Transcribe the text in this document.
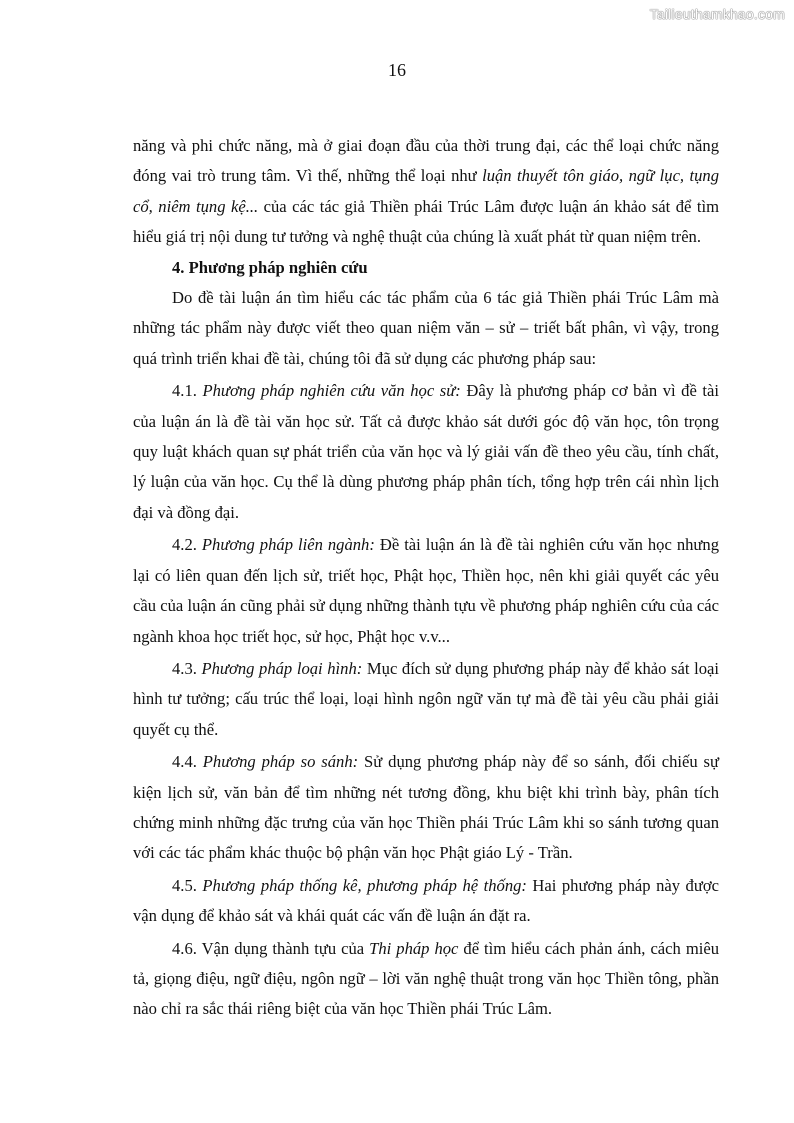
Tailieuthamkhao.com
16

năng và phi chức năng, mà ở giai đoạn đầu của thời trung đại, các thể loại chức năng đóng vai trò trung tâm. Vì thế, những thể loại như luận thuyết tôn giáo, ngữ lục, tụng cổ, niêm tụng kệ... của các tác giả Thiền phái Trúc Lâm được luận án khảo sát để tìm hiểu giá trị nội dung tư tưởng và nghệ thuật của chúng là xuất phát từ quan niệm trên.

4. Phương pháp nghiên cứu

Do đề tài luận án tìm hiểu các tác phẩm của 6 tác giả Thiền phái Trúc Lâm mà những tác phẩm này được viết theo quan niệm văn – sử – triết bất phân, vì vậy, trong quá trình triển khai đề tài, chúng tôi đã sử dụng các phương pháp sau:

4.1. Phương pháp nghiên cứu văn học sử: Đây là phương pháp cơ bản vì đề tài của luận án là đề tài văn học sử. Tất cả được khảo sát dưới góc độ văn học, tôn trọng quy luật khách quan sự phát triển của văn học và lý giải vấn đề theo yêu cầu, tính chất, lý luận của văn học. Cụ thể là dùng phương pháp phân tích, tổng hợp trên cái nhìn lịch đại và đồng đại.

4.2. Phương pháp liên ngành: Đề tài luận án là đề tài nghiên cứu văn học nhưng lại có liên quan đến lịch sử, triết học, Phật học, Thiền học, nên khi giải quyết các yêu cầu của luận án cũng phải sử dụng những thành tựu về phương pháp nghiên cứu của các ngành khoa học triết học, sử học, Phật học v.v...

4.3. Phương pháp loại hình: Mục đích sử dụng phương pháp này để khảo sát loại hình tư tưởng; cấu trúc thể loại, loại hình ngôn ngữ văn tự mà đề tài yêu cầu phải giải quyết cụ thể.

4.4. Phương pháp so sánh: Sử dụng phương pháp này để so sánh, đối chiếu sự kiện lịch sử, văn bản để tìm những nét tương đồng, khu biệt khi trình bày, phân tích chứng minh những đặc trưng của văn học Thiền phái Trúc Lâm khi so sánh tương quan với các tác phẩm khác thuộc bộ phận văn học Phật giáo Lý - Trần.

4.5. Phương pháp thống kê, phương pháp hệ thống: Hai phương pháp này được vận dụng để khảo sát và khái quát các vấn đề luận án đặt ra.

4.6. Vận dụng thành tựu của Thi pháp học để tìm hiểu cách phản ánh, cách miêu tả, giọng điệu, ngữ điệu, ngôn ngữ – lời văn nghệ thuật trong văn học Thiền tông, phần nào chỉ ra sắc thái riêng biệt của văn học Thiền phái Trúc Lâm.
